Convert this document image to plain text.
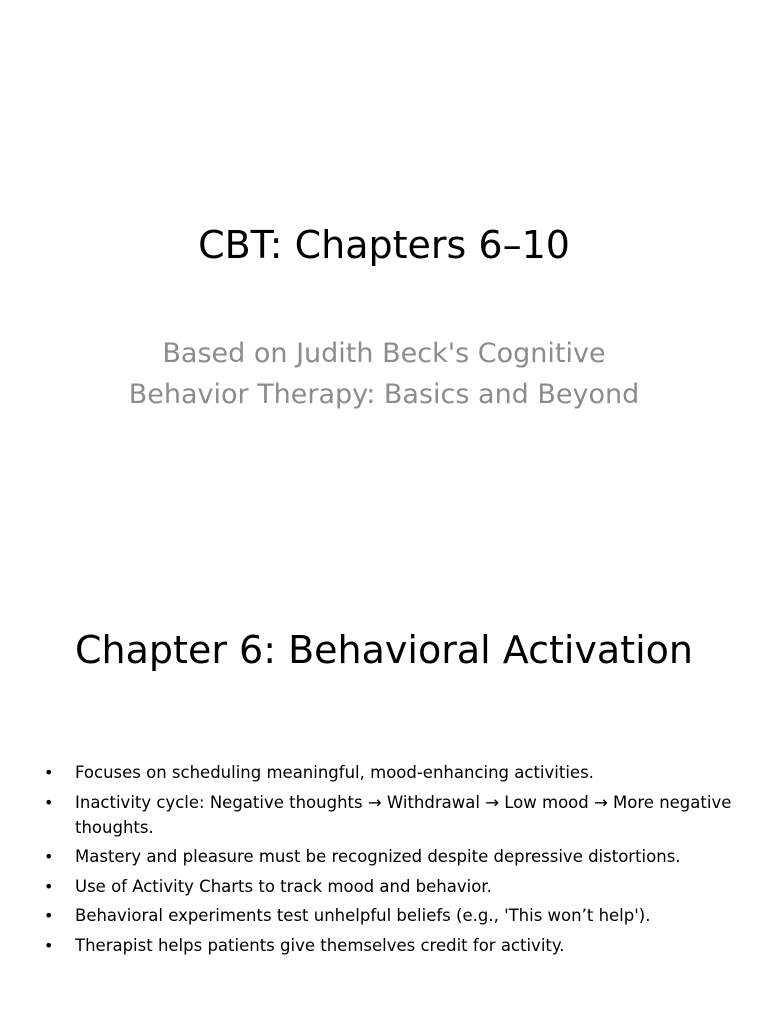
CBT: Chapters 6–10
Based on Judith Beck's Cognitive
Behavior Therapy: Basics and Beyond
Chapter 6: Behavioral Activation
• Focuses on scheduling meaningful, mood-enhancing activities.
• Inactivity cycle: Negative thoughts → Withdrawal → Low mood → More negative thoughts.
• Mastery and pleasure must be recognized despite depressive distortions.
• Use of Activity Charts to track mood and behavior.
• Behavioral experiments test unhelpful beliefs (e.g., 'This won’t help').
• Therapist helps patients give themselves credit for activity.
